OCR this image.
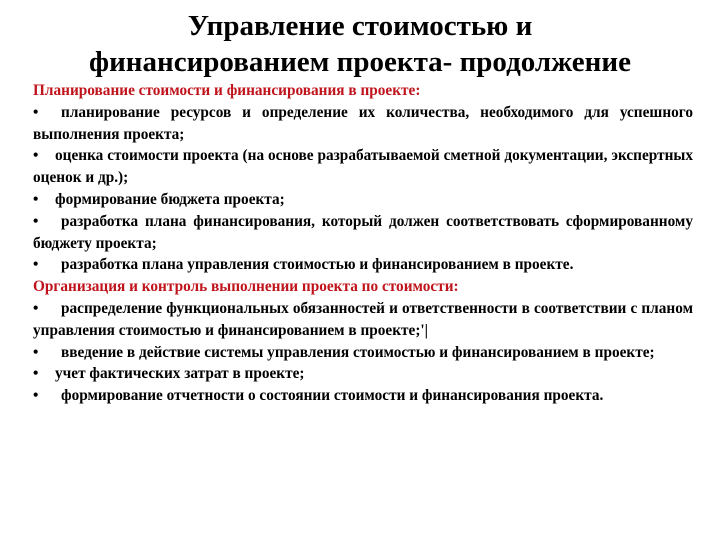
Управление стоимостью и
финансированием проекта- продолжение
Планирование стоимости и финансирования в проекте:
• планирование ресурсов и определение их количества, необходимого для успешного выполнения проекта;
• оценка стоимости проекта (на основе разрабатываемой сметной документации, экспертных оценок и др.);
• формирование бюджета проекта;
• разработка плана финансирования, который должен соответствовать сформированному бюджету проекта;
• разработка плана управления стоимостью и финансированием в проекте.
Организация и контроль выполнении проекта по стоимости:
• распределение функциональных обязанностей и ответственности в соответствии с планом управления стоимостью и финансированием в проекте;'|
• введение в действие системы управления стоимостью и финансированием в проекте;
• учет фактических затрат в проекте;
• формирование отчетности о состоянии стоимости и финансирования проекта.
